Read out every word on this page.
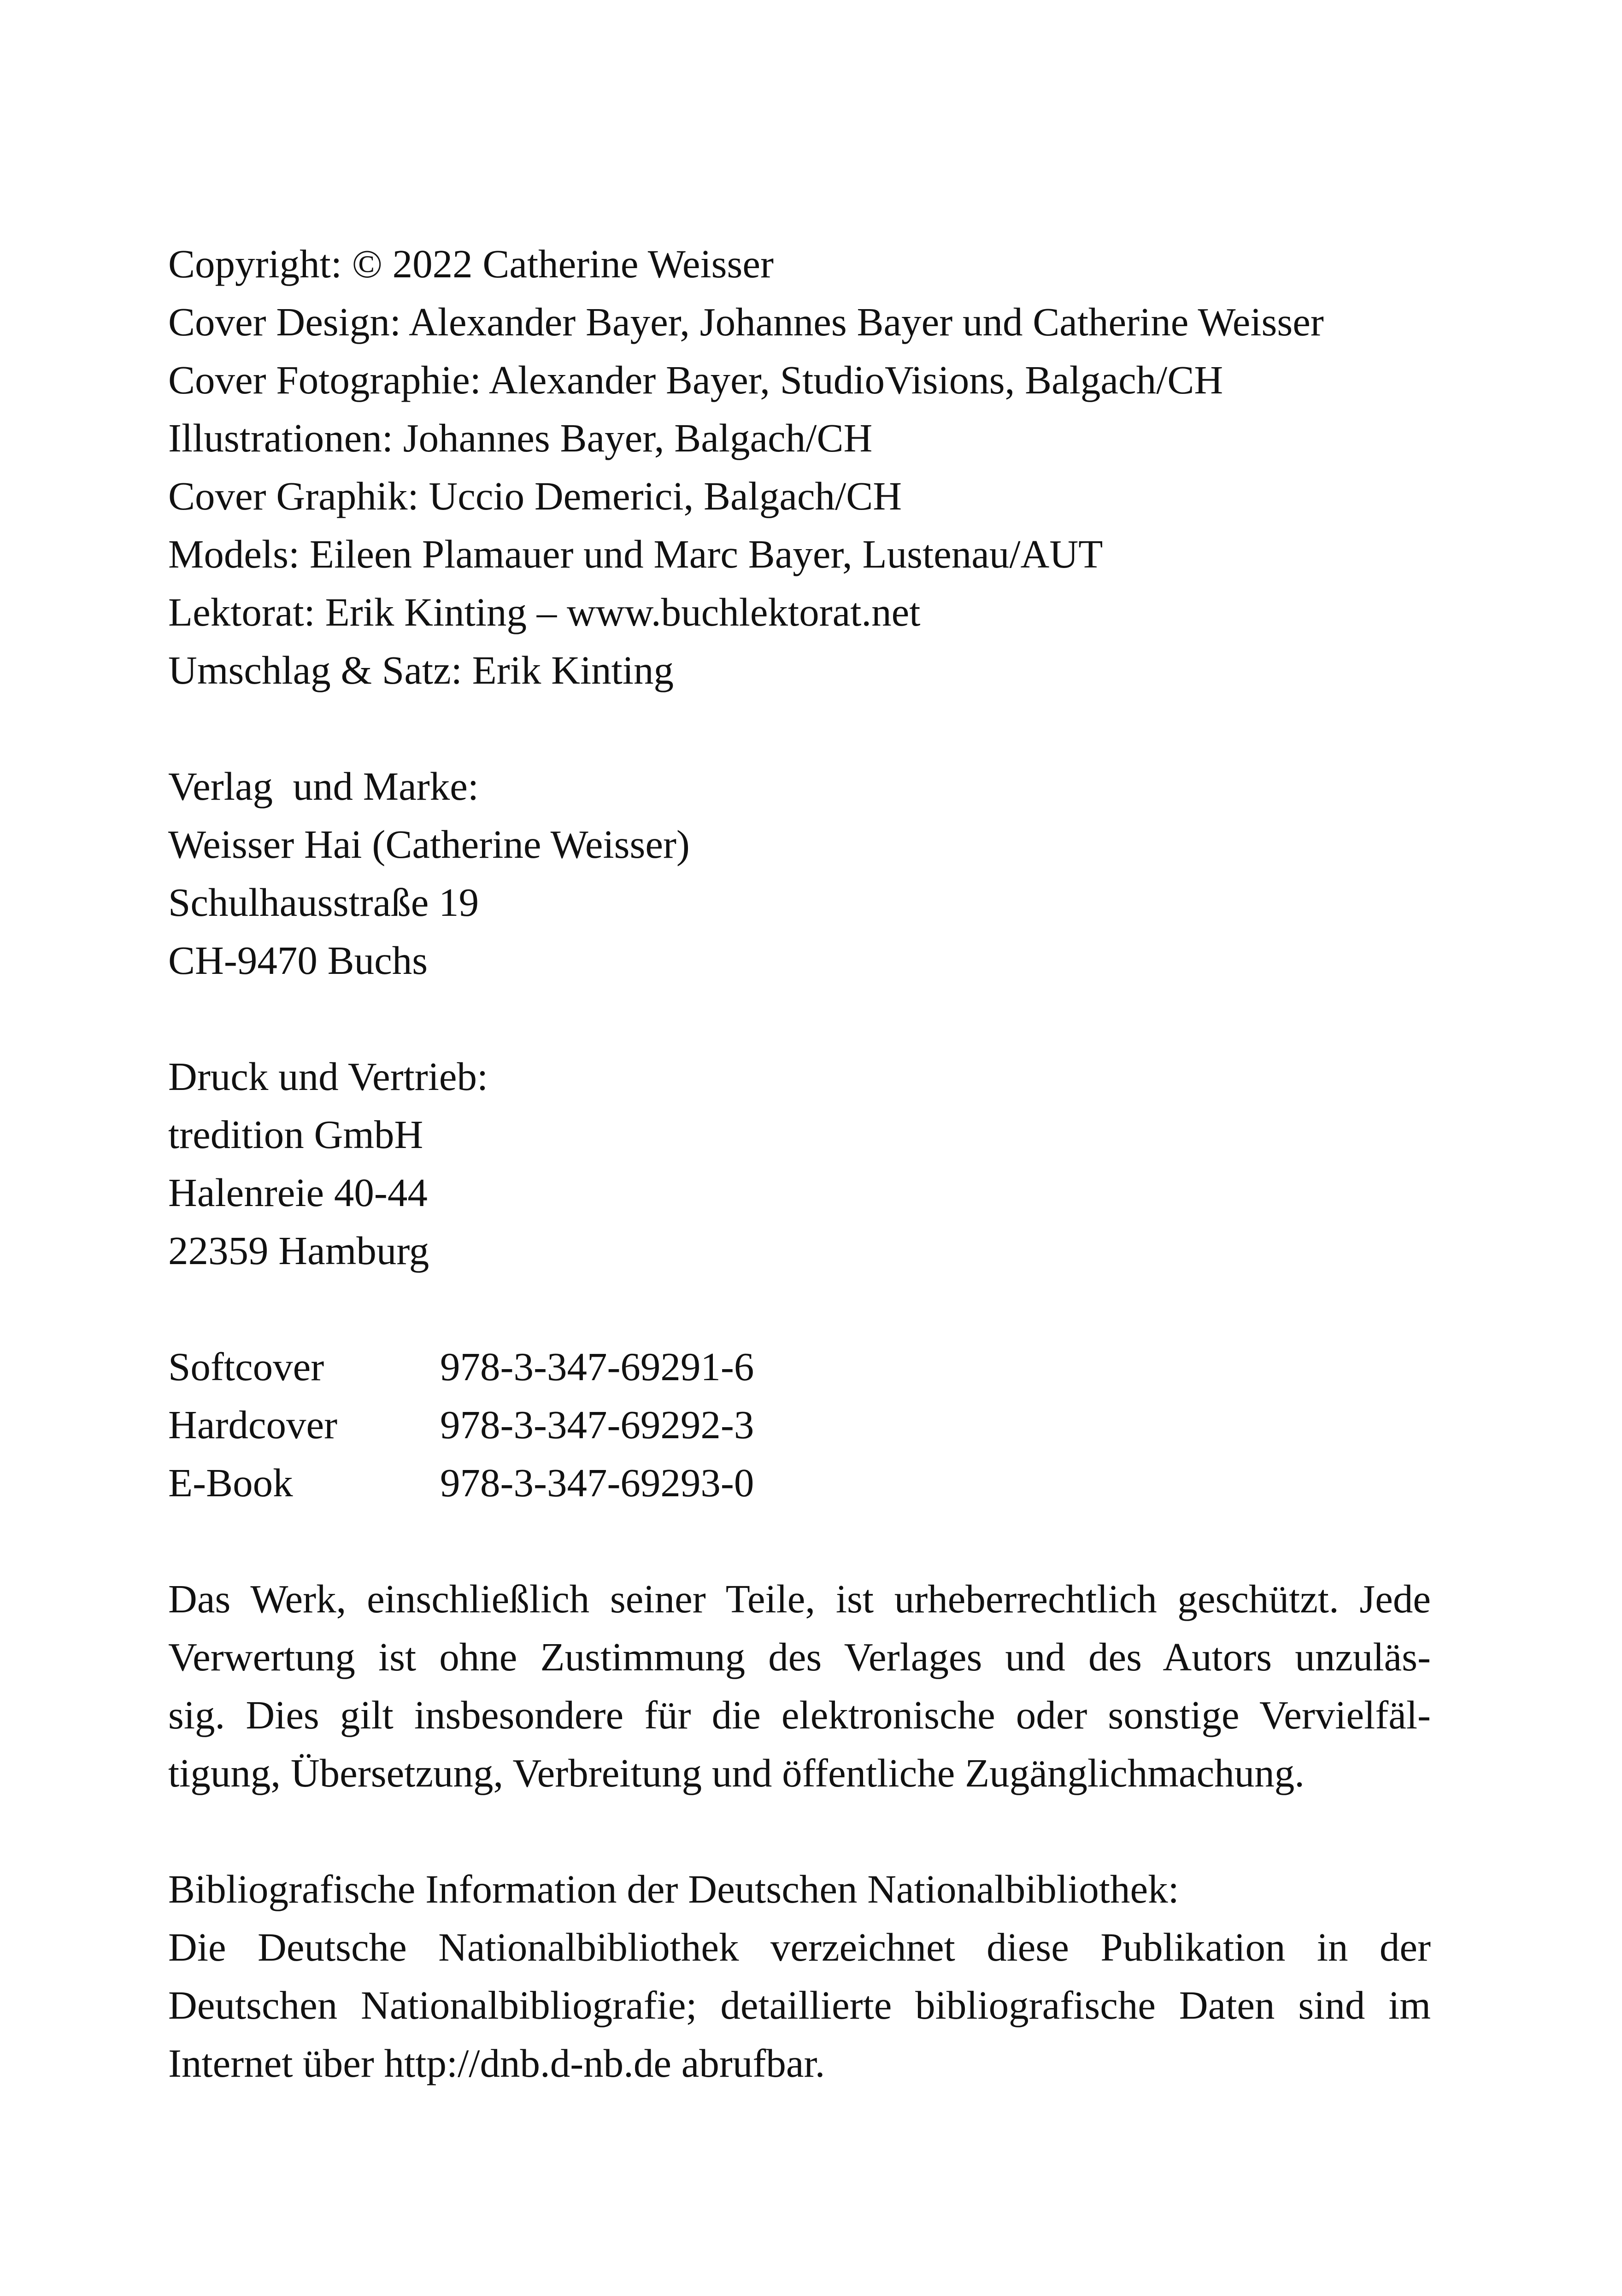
Copyright: © 2022 Catherine Weisser
Cover Design: Alexander Bayer, Johannes Bayer und Catherine Weisser
Cover Fotographie: Alexander Bayer, StudioVisions, Balgach/CH
Illustrationen: Johannes Bayer, Balgach/CH
Cover Graphik: Uccio Demerici, Balgach/CH
Models: Eileen Plamauer und Marc Bayer, Lustenau/AUT
Lektorat: Erik Kinting – www.buchlektorat.net
Umschlag & Satz: Erik Kinting
Verlag  und Marke:
Weisser Hai (Catherine Weisser)
Schulhausstraße 19
CH-9470 Buchs
Druck und Vertrieb:
tredition GmbH
Halenreie 40-44
22359 Hamburg
Softcover	978-3-347-69291-6
Hardcover	978-3-347-69292-3
E-Book	978-3-347-69293-0
Das Werk, einschließlich seiner Teile, ist urheberrechtlich geschützt. Jede
Verwertung ist ohne Zustimmung des Verlages und des Autors unzuläs-
sig. Dies gilt insbesondere für die elektronische oder sonstige Vervielfäl-
tigung, Übersetzung, Verbreitung und öffentliche Zugänglichmachung.
Bibliografische Information der Deutschen Nationalbibliothek:
Die Deutsche Nationalbibliothek verzeichnet diese Publikation in der
Deutschen Nationalbibliografie; detaillierte bibliografische Daten sind im
Internet über http://dnb.d-nb.de abrufbar.
